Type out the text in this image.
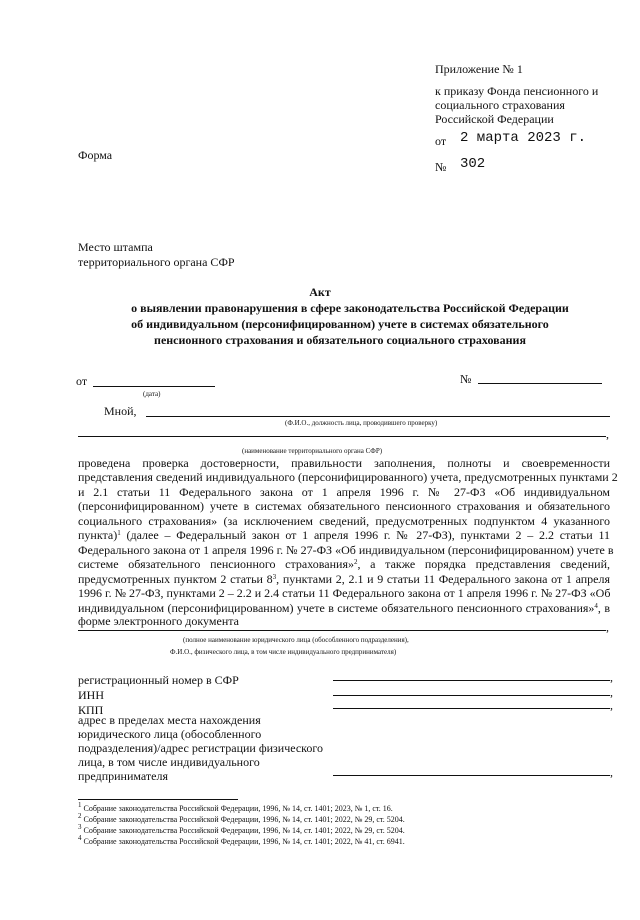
Приложение № 1
к приказу Фонда пенсионного и
социального страхования
Российской Федерации
от 2 марта 2023 г.
№ 302
Форма
Место штампа
территориального органа СФР
Акт
о выявлении правонарушения в сфере законодательства Российской Федерации
об индивидуальном (персонифицированном) учете в системах обязательного
пенсионного страхования и обязательного социального страхования
от
(дата)
№
Мной,
(Ф.И.О., должность лица, проводившего проверку)
,
(наименование территориального органа СФР)
проведена проверка достоверности, правильности заполнения, полноты и своевременности
представления сведений индивидуального (персонифицированного) учета, предусмотренных пунктами 2
и 2.1 статьи 11 Федерального закона от 1 апреля 1996 г. № 27-ФЗ «Об индивидуальном
(персонифицированном) учете в системах обязательного пенсионного страхования и обязательного
социального страхования» (за исключением сведений, предусмотренных подпунктом 4 указанного
пункта)$^1$ (далее – Федеральный закон от 1 апреля 1996 г. № 27-ФЗ), пунктами 2 – 2.2 статьи 11
Федерального закона от 1 апреля 1996 г. № 27-ФЗ «Об индивидуальном (персонифицированном) учете в
системе обязательного пенсионного страхования»$^2$, а также порядка представления сведений,
предусмотренных пунктом 2 статьи $8^3$, пунктами 2, 2.1 и 9 статьи 11 Федерального закона от 1 апреля
1996 г. № 27-ФЗ, пунктами 2 – 2.2 и 2.4 статьи 11 Федерального закона от 1 апреля 1996 г. № 27-ФЗ «Об
индивидуальном (персонифицированном) учете в системе обязательного пенсионного страхования»$^4$, в
форме электронного документа	,
(полное наименование юридического лица (обособленного подразделения),
Ф.И.О., физического лица, в том числе индивидуального предпринимателя)
регистрационный номер в СФР	,
ИНН	,
КПП	,
адрес в пределах места нахождения
юридического лица (обособленного
подразделения)/адрес регистрации физического
лица, в том числе индивидуального
предпринимателя	,
$^1$ Собрание законодательства Российской Федерации, 1996, № 14, ст. 1401; 2023, № 1, ст. 16.
$^2$ Собрание законодательства Российской Федерации, 1996, № 14, ст. 1401; 2022, № 29, ст. 5204.
$^3$ Собрание законодательства Российской Федерации, 1996, № 14, ст. 1401; 2022, № 29, ст. 5204.
$^4$ Собрание законодательства Российской Федерации, 1996, № 14, ст. 1401; 2022, № 41, ст. 6941.
